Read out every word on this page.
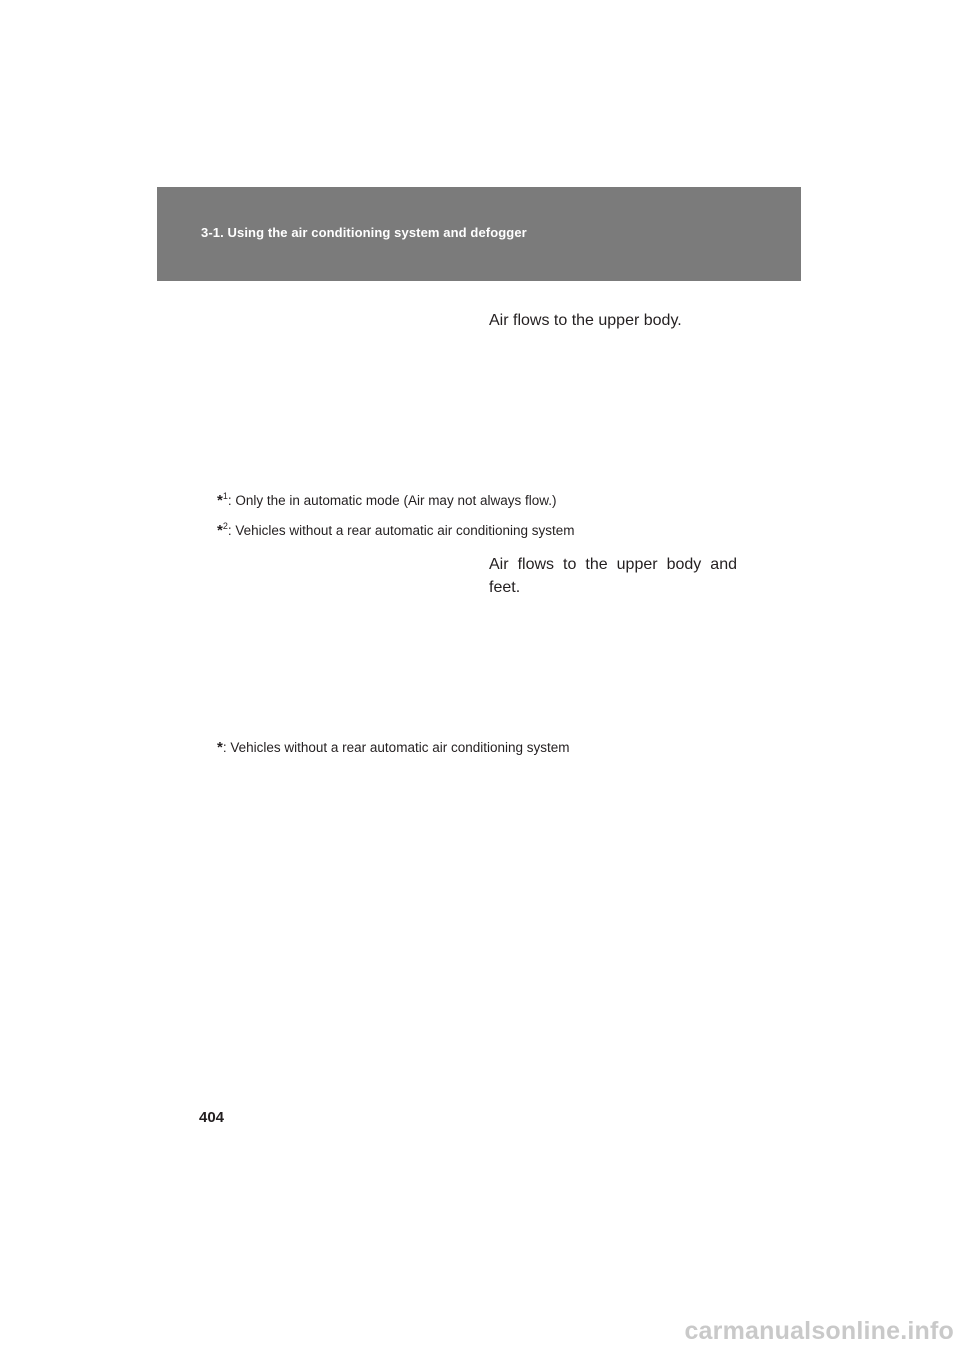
3-1. Using the air conditioning system and defogger

Air flows to the upper body.

*$^1$: Only the in automatic mode (Air may not always flow.)

*$^2$: Vehicles without a rear automatic air conditioning system

Air flows to the upper body and feet.

*: Vehicles without a rear automatic air conditioning system

404
carmanualsonline.info
